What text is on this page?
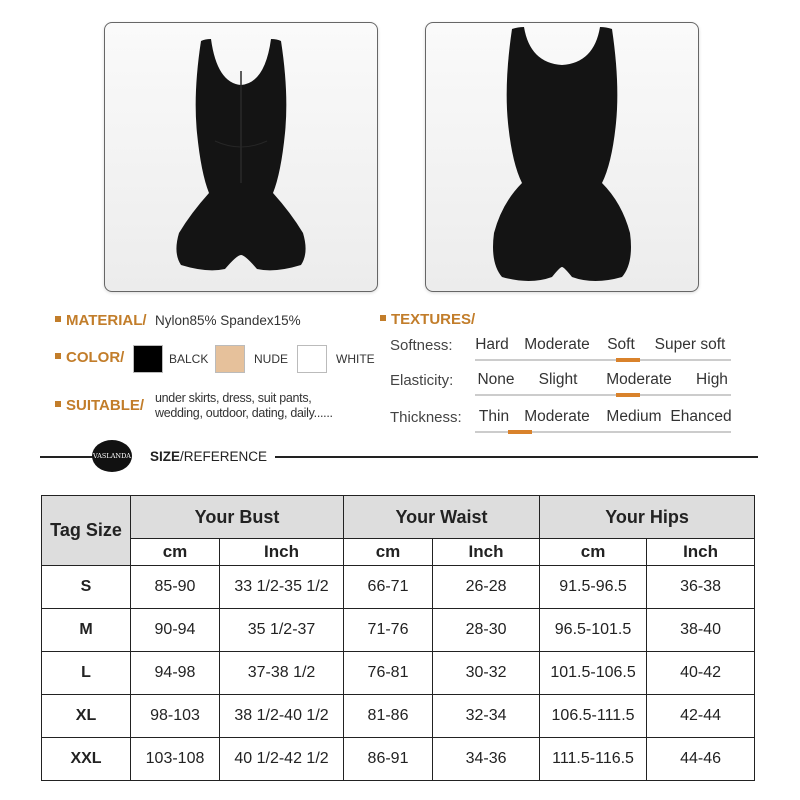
MATERIAL/ Nylon85% Spandex15%
COLOR/	BALCK	NUDE	WHITE
SUITABLE/ under skirts, dress, suit pants,
wedding, outdoor, dating, daily......
TEXTURES/
Softness: Hard Moderate Soft Super soft
Elasticity: None Slight Moderate High
Thickness: Thin Moderate Medium Ehanced
VASLANDA SIZE/REFERENCE
Tag Size	Your Bust		Your Waist		Your Hips	
	cm	Inch	cm	Inch	cm	Inch
S	85-90	33 1/2-35 1/2	66-71	26-28	91.5-96.5	36-38
M	90-94	35 1/2-37	71-76	28-30	96.5-101.5	38-40
L	94-98	37-38 1/2	76-81	30-32	101.5-106.5	40-42
XL	98-103	38 1/2-40 1/2	81-86	32-34	106.5-111.5	42-44
XXL	103-108	40 1/2-42 1/2	86-91	34-36	111.5-116.5	44-46
